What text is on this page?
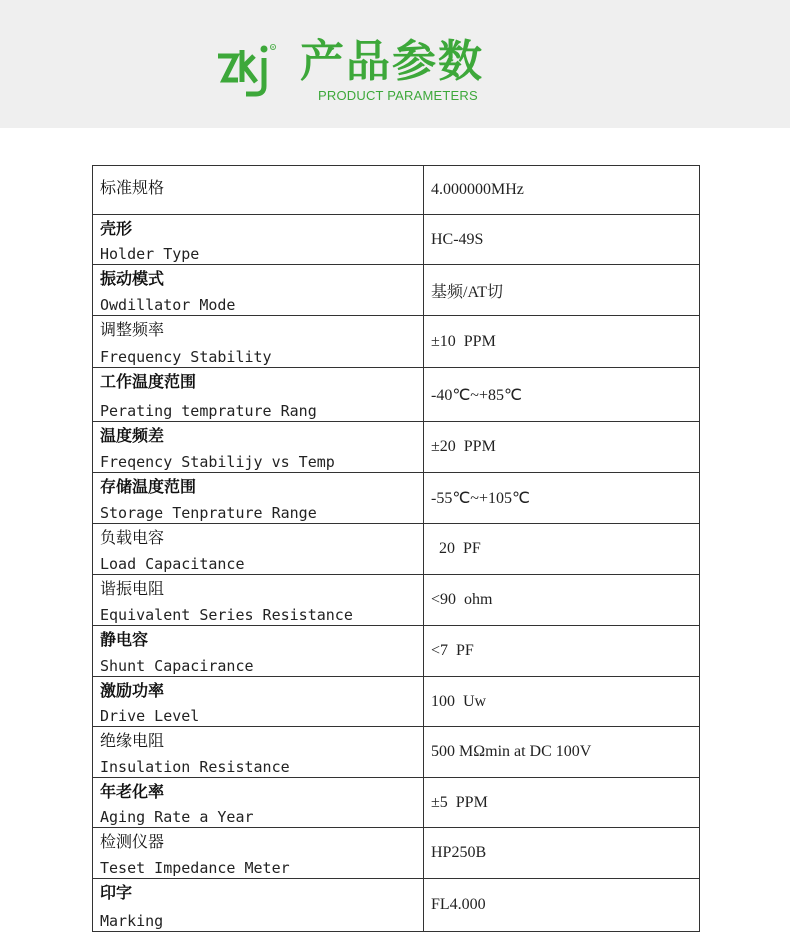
R 产品参数
PRODUCT PARAMETERS
标准规格	4.000000MHz

壳形
Holder Type	HC-49S

振动模式
Owdillator Mode	基频/AT切

调整频率
Frequency Stability	±10  PPM

工作温度范围
Perating temprature Rang	-40℃~+85℃

温度频差
Freqency Stabilijy vs Temp	±20  PPM

存储温度范围
Storage Tenprature Range	-55℃~+105℃

负载电容
Load Capacitance	20  PF

谐振电阻
Equivalent Series Resistance	<90  ohm

静电容
Shunt Capacirance	<7  PF

激励功率
Drive Level	100  Uw

绝缘电阻
Insulation Resistance	500 MΩmin at DC 100V

年老化率
Aging Rate a Year	±5  PPM

检测仪器
Teset Impedance Meter	HP250B

印字
Marking	FL4.000
